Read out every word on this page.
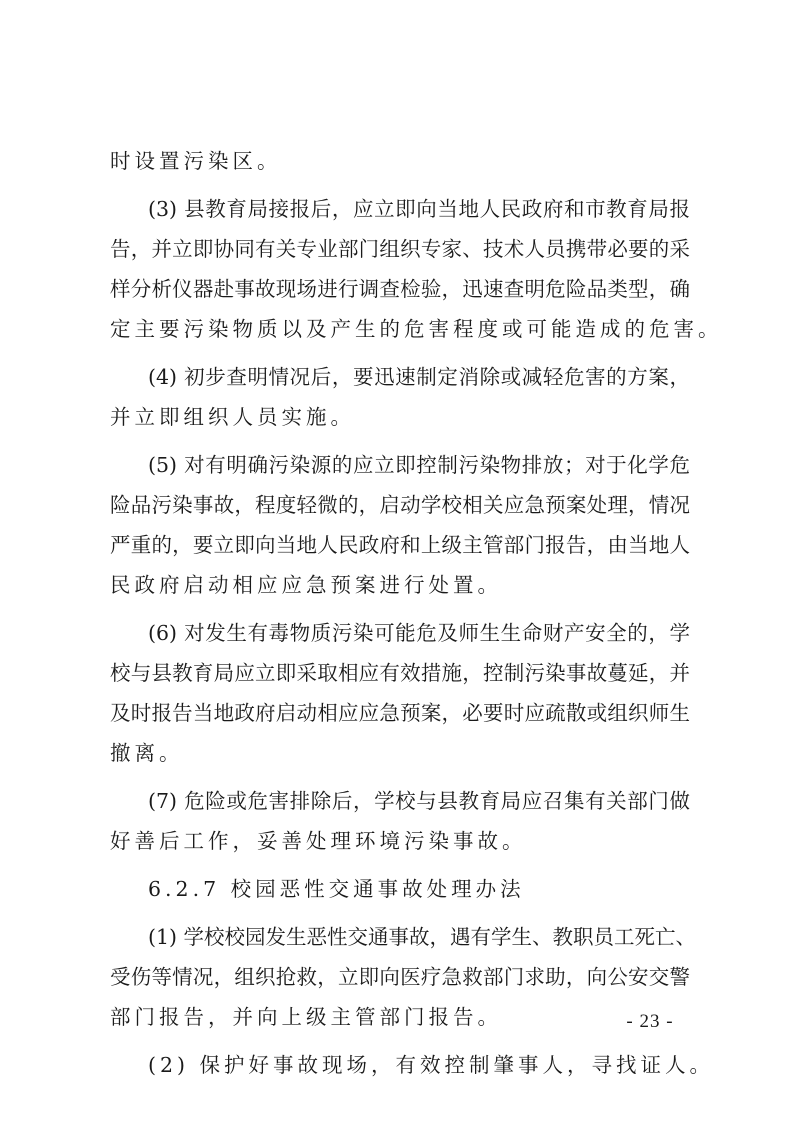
时设置污染区。
(3) 县教育局接报后，应立即向当地人民政府和市教育局报
告，并立即协同有关专业部门组织专家、技术人员携带必要的采
样分析仪器赴事故现场进行调查检验，迅速查明危险品类型，确
定主要污染物质以及产生的危害程度或可能造成的危害。
(4) 初步查明情况后，要迅速制定消除或减轻危害的方案，
并立即组织人员实施。
(5) 对有明确污染源的应立即控制污染物排放；对于化学危
险品污染事故，程度轻微的，启动学校相关应急预案处理，情况
严重的，要立即向当地人民政府和上级主管部门报告，由当地人
民政府启动相应应急预案进行处置。
(6) 对发生有毒物质污染可能危及师生生命财产安全的，学
校与县教育局应立即采取相应有效措施，控制污染事故蔓延，并
及时报告当地政府启动相应应急预案，必要时应疏散或组织师生
撤离。
(7) 危险或危害排除后，学校与县教育局应召集有关部门做
好善后工作，妥善处理环境污染事故。
6.2.7 校园恶性交通事故处理办法
(1) 学校校园发生恶性交通事故，遇有学生、教职员工死亡、
受伤等情况，组织抢救，立即向医疗急救部门求助，向公安交警
部门报告，并向上级主管部门报告。
(2) 保护好事故现场，有效控制肇事人，寻找证人。
- 23 -
